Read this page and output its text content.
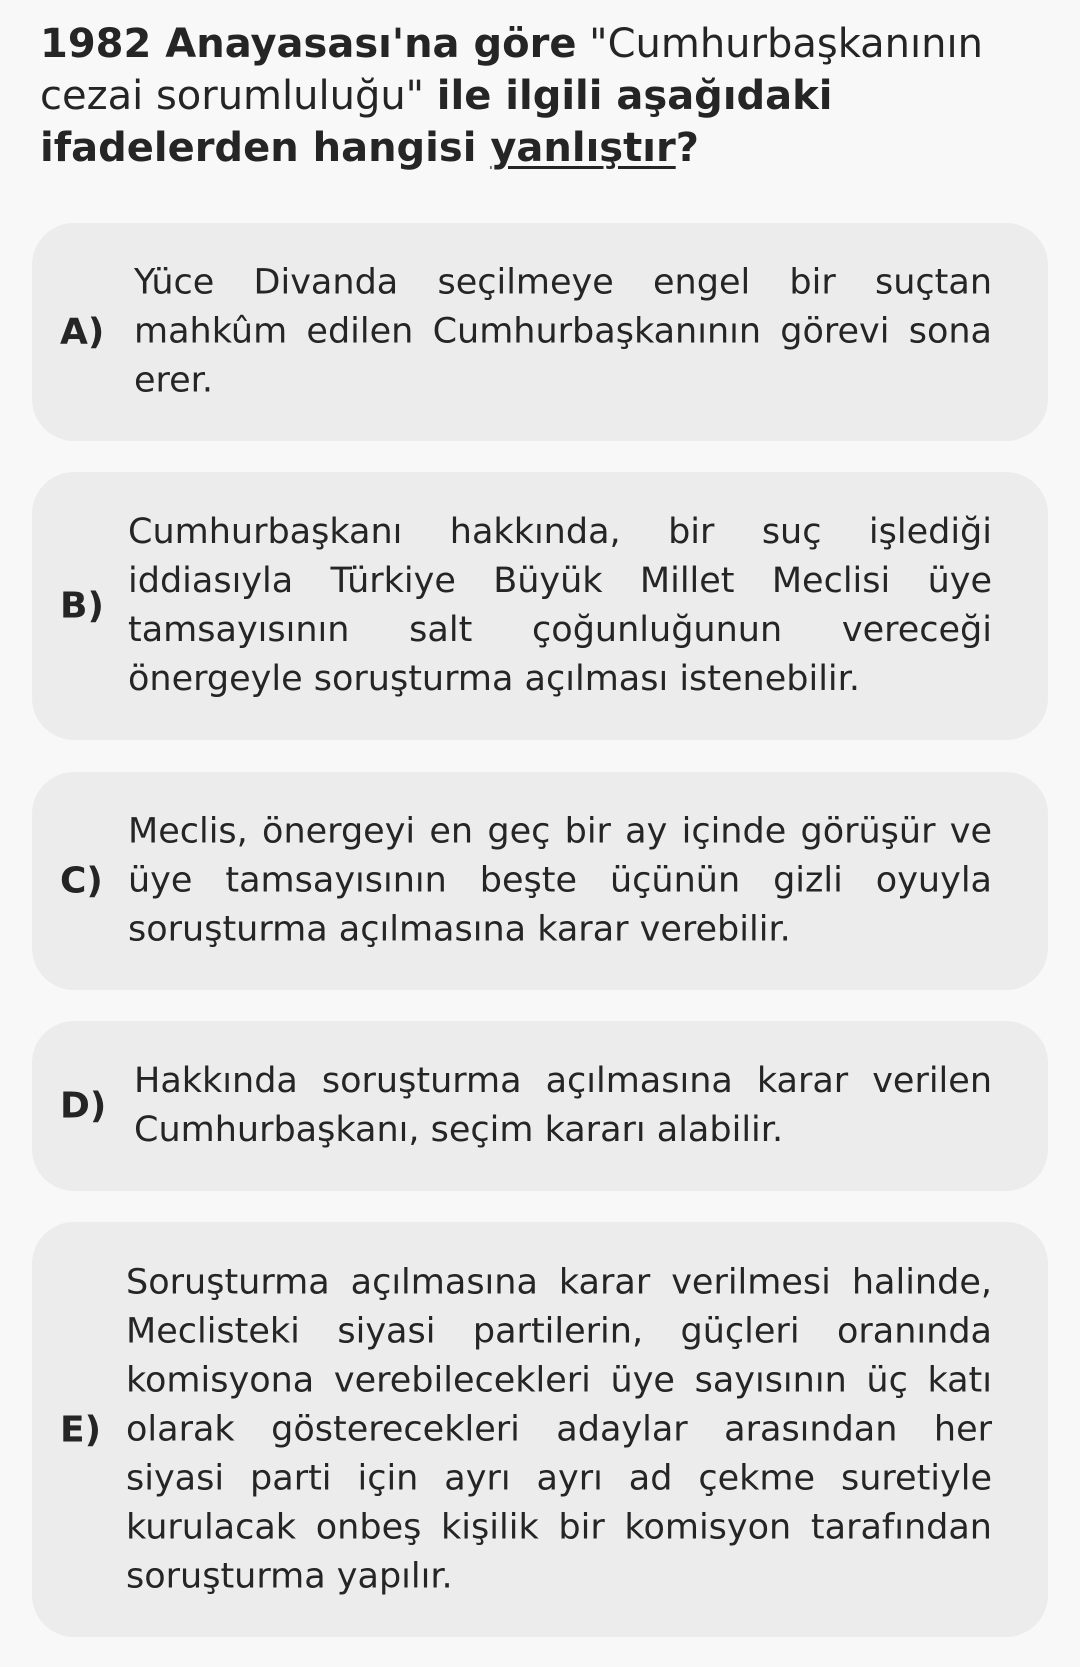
1982 Anayasası'na göre "Cumhurbaşkanının cezai sorumluluğu" ile ilgili aşağıdaki ifadelerden hangisi yanlıştır?
A)
Yüce Divanda seçilmeye engel bir suçtan mahkûm edilen Cumhurbaşkanının görevi sona erer.
B)
Cumhurbaşkanı hakkında, bir suç işlediği iddiasıyla Türkiye Büyük Millet Meclisi üye tamsayısının salt çoğunluğunun vereceği önergeyle soruşturma açılması istenebilir.
C)
Meclis, önergeyi en geç bir ay içinde görüşür ve üye tamsayısının beşte üçünün gizli oyuyla soruşturma açılmasına karar verebilir.
D)
Hakkında soruşturma açılmasına karar verilen Cumhurbaşkanı, seçim kararı alabilir.
E)
Soruşturma açılmasına karar verilmesi halinde, Meclisteki siyasi partilerin, güçleri oranında komisyona verebilecekleri üye sayısının üç katı olarak gösterecekleri adaylar arasından her siyasi parti için ayrı ayrı ad çekme suretiyle kurulacak onbeş kişilik bir komisyon tarafından soruşturma yapılır.
